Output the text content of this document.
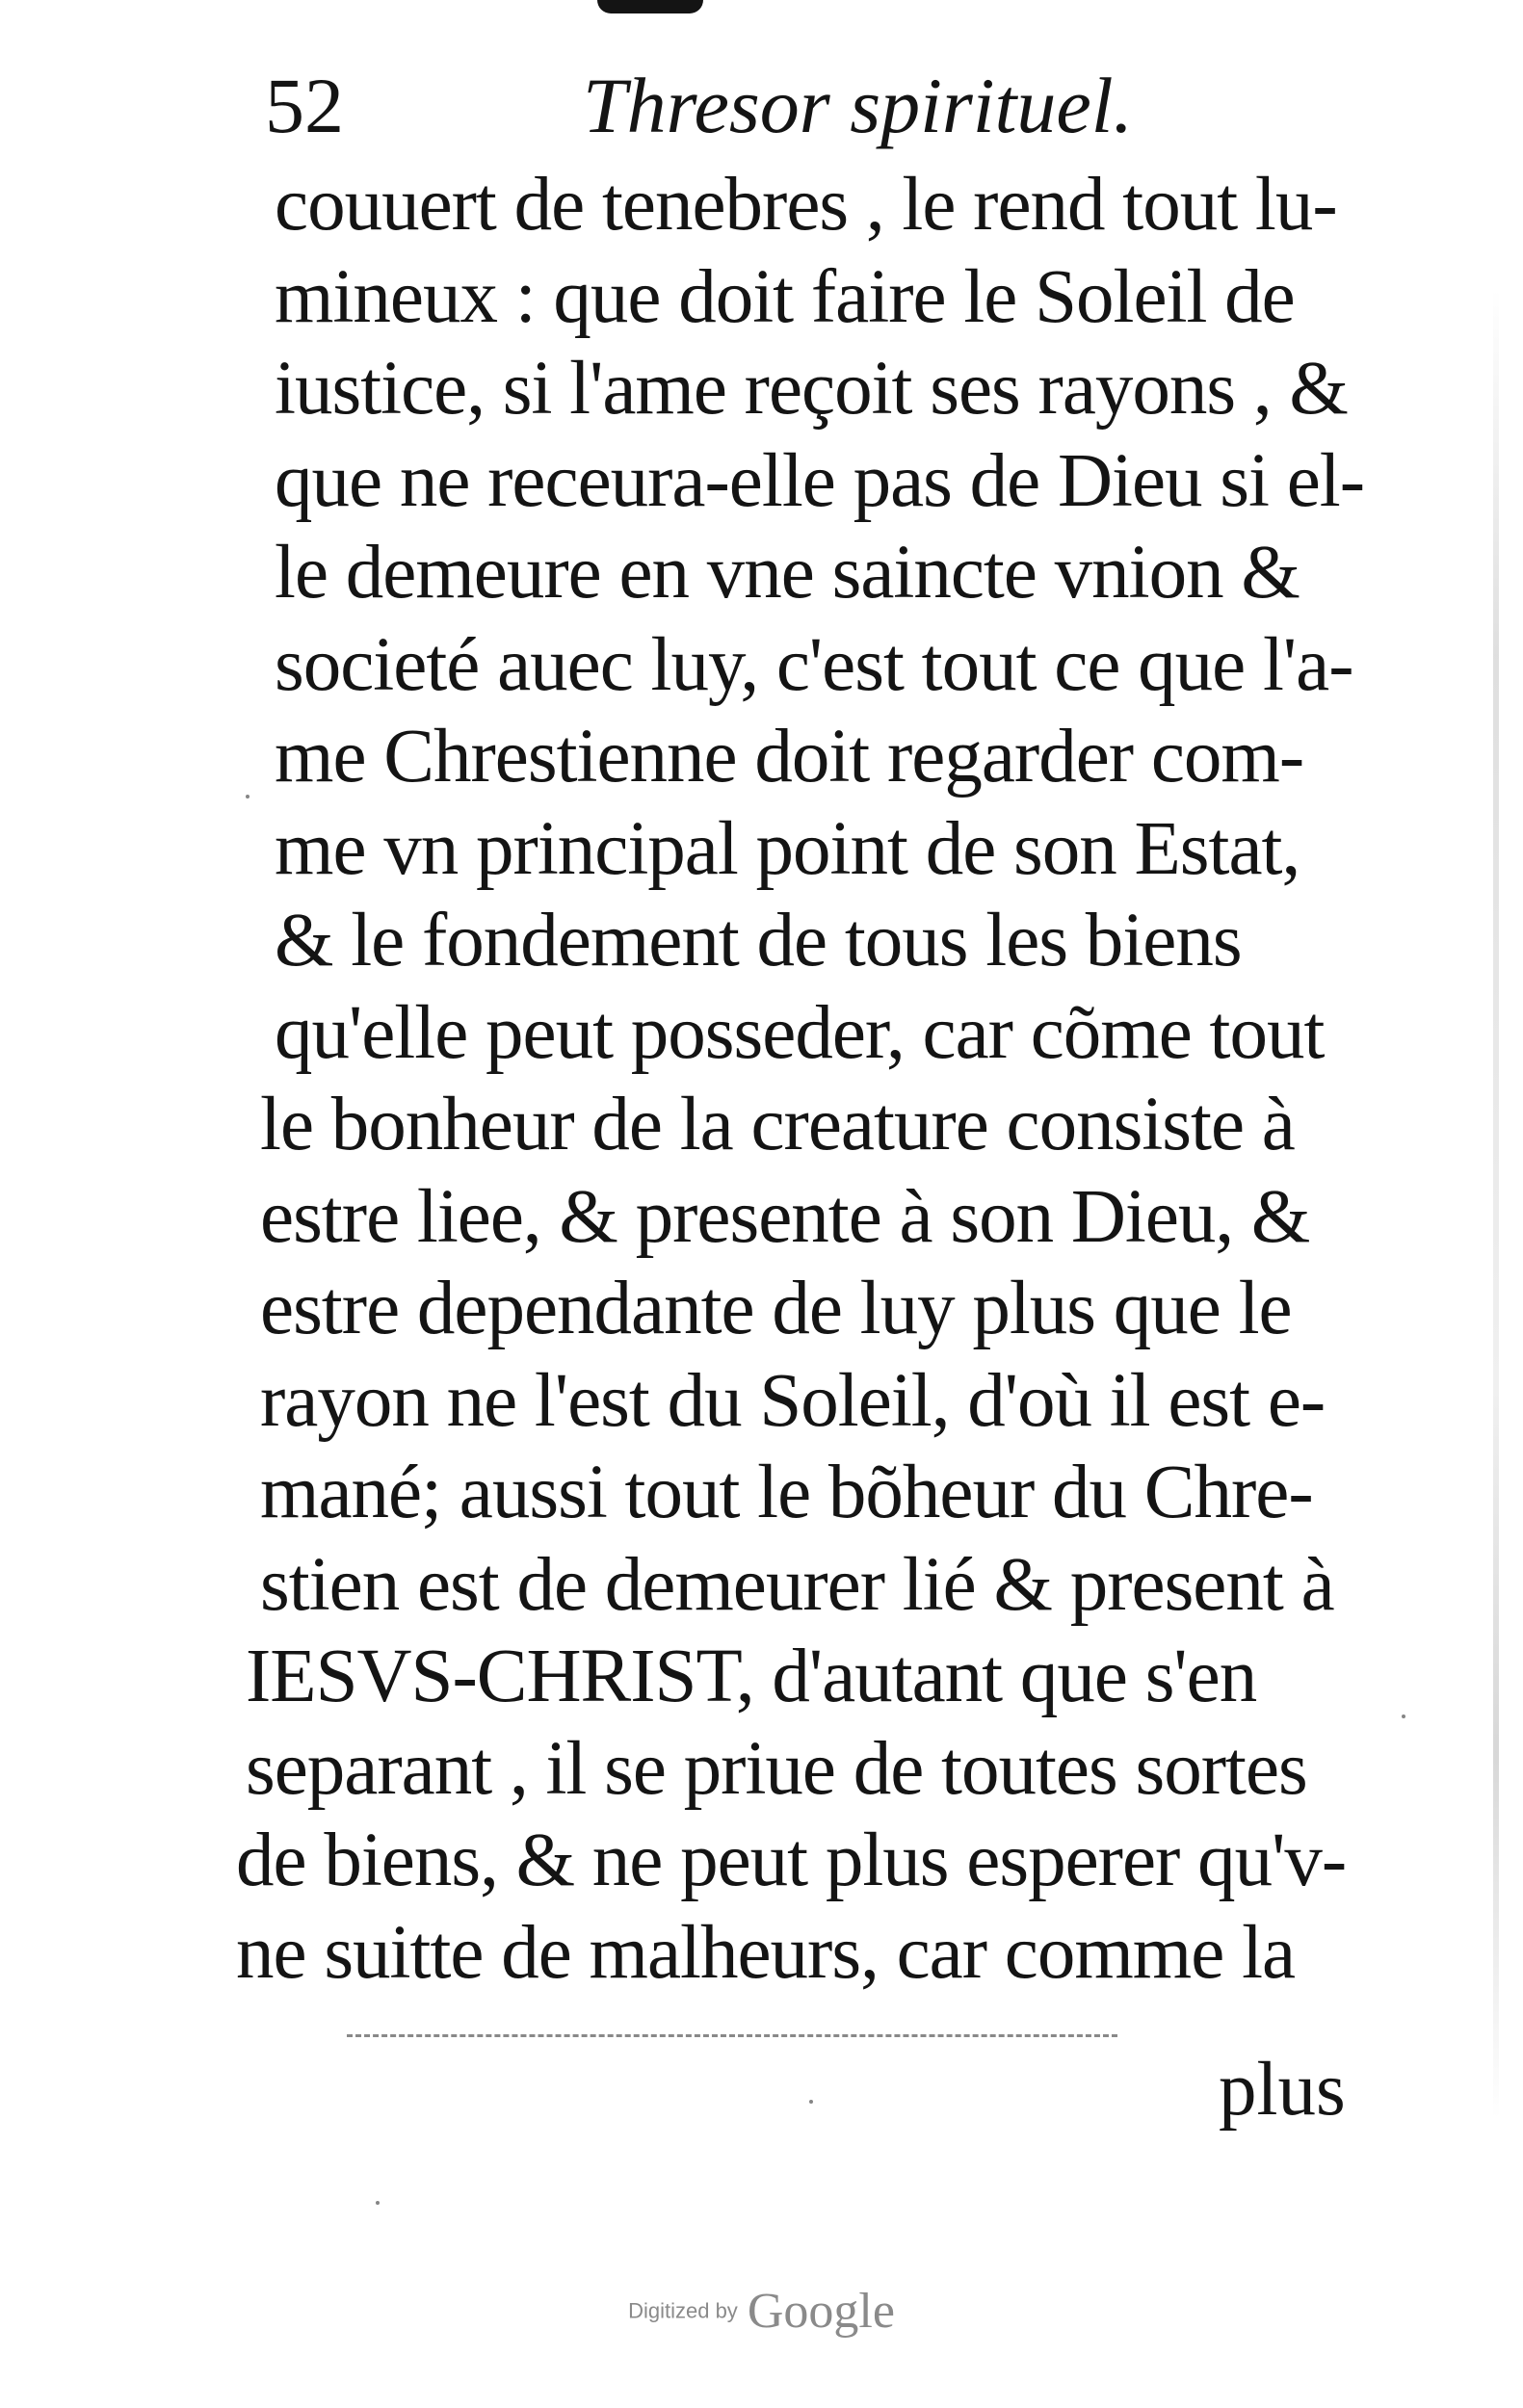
52	Thresor spirituel.
couuert de tenebres , le rend tout lu-
mineux : que doit faire le Soleil de
iustice, si l'ame reçoit ses rayons , &
que ne receura-elle pas de Dieu si el-
le demeure en vne saincte vnion &
societé auec luy, c'est tout ce que l'a-
me Chrestienne doit regarder com-
me vn principal point de son Estat,
& le fondement de tous les biens
qu'elle peut posseder, car cõme tout
le bonheur de la creature consiste à
estre liee, & presente à son Dieu, &
estre dependante de luy plus que le
rayon ne l'est du Soleil, d'où il est e-
mané; aussi tout le bõheur du Chre-
stien est de demeurer lié & present à
IESVS-CHRIST, d'autant que s'en
separant , il se priue de toutes sortes
de biens, & ne peut plus esperer qu'v-
ne suitte de malheurs, car comme la
plus
Digitized by Google
